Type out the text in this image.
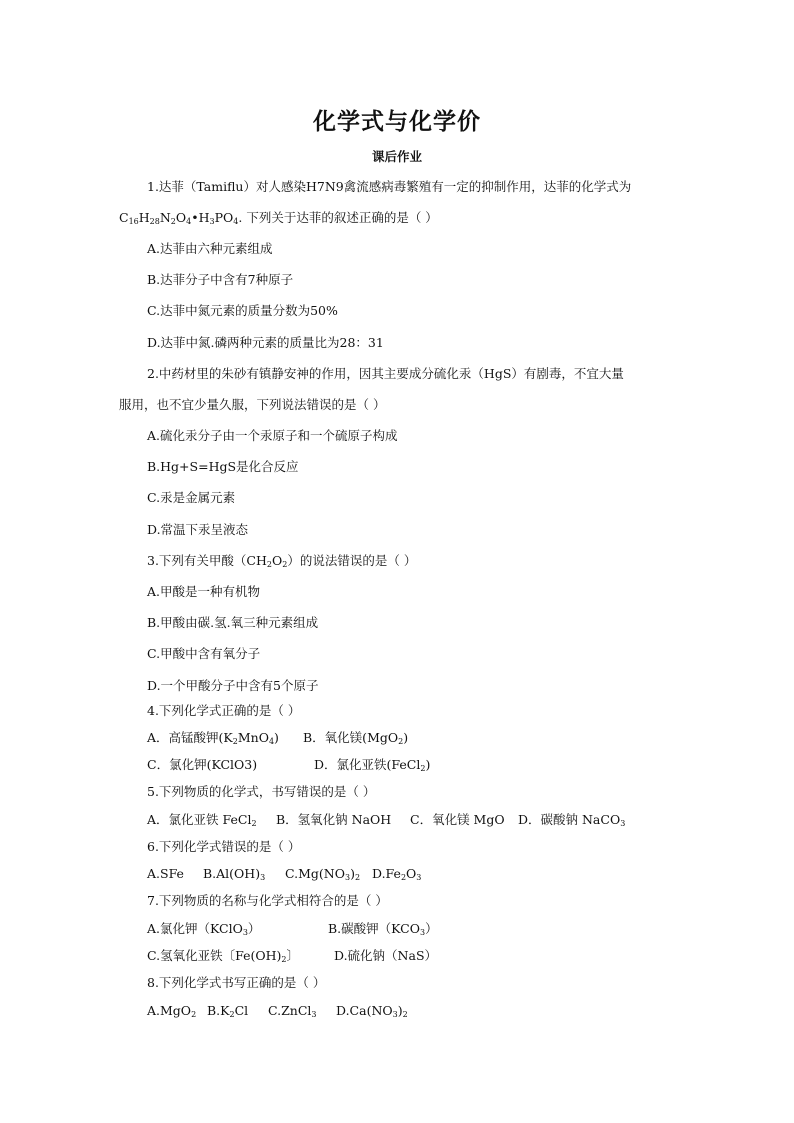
化学式与化学价
课后作业
1.达菲（Tamiflu）对人感染H7N9禽流感病毒繁殖有一定的抑制作用，达菲的化学式为
$C_{16}H_{28}N_2O_4•H_3PO_4$. 下列关于达菲的叙述正确的是（ ）
A.达菲由六种元素组成
B.达菲分子中含有7种原子
C.达菲中氮元素的质量分数为50%
D.达菲中氮.磷两种元素的质量比为28：31
2.中药材里的朱砂有镇静安神的作用，因其主要成分硫化汞（HgS）有剧毒，不宜大量
服用，也不宜少量久服，下列说法错误的是（ ）
A.硫化汞分子由一个汞原子和一个硫原子构成
B.Hg+S=HgS是化合反应
C.汞是金属元素
D.常温下汞呈液态
3.下列有关甲酸$(CH_2O_2)$的说法错误的是（ ）
A.甲酸是一种有机物
B.甲酸由碳.氢.氧三种元素组成
C.甲酸中含有氧分子
D.一个甲酸分子中含有5个原子
4.下列化学式正确的是（ ）
A．高锰酸钾$(K_2MnO_4)$ B．氧化镁(MgO$_2$)
C．氯化钾(KClO3)	D．氯化亚铁(FeCl$_2$)
5.下列物质的化学式，书写错误的是（ ）
A．氯化亚铁 FeCl$_2$ B．氢氧化钠 NaOH C．氧化镁 MgO D．碳酸钠 NaCO$_3$
6.下列化学式错误的是（ ）
A.SFe $B.Al(OH)_3$ $C.Mg(NO_3)_2$ $D.Fe_2O_3$
7.下列物质的名称与化学式相符合的是（ ）
A.氯化钾（KClO$_3$）	B.碳酸钾$(KCO_3)$
C.氢氧化亚铁〔$Fe(OH)_2$〕	D.硫化钠（NaS）
8.下列化学式书写正确的是（ ）
A.MgO$_2$ $B.K_2Cl$ C.ZnCl$_3$ $D.Ca(NO_3)_2$
